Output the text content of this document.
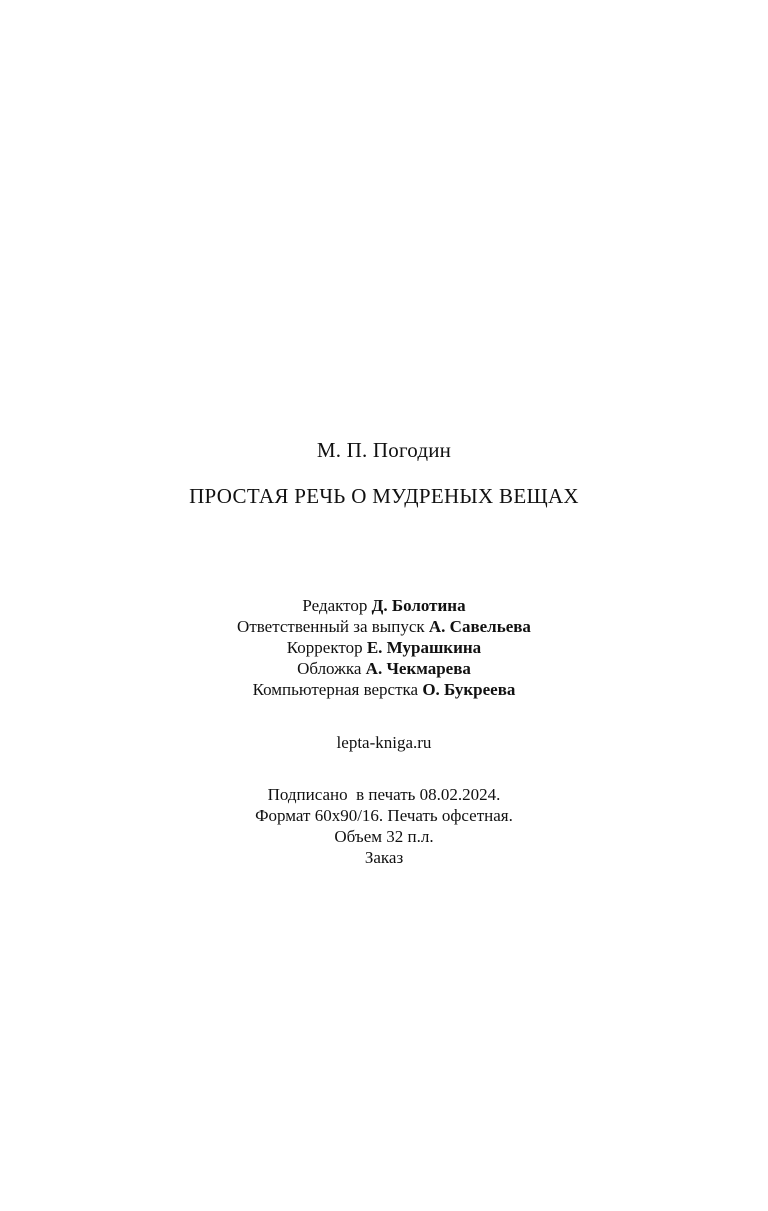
М. П. Погодин
ПРОСТАЯ РЕЧЬ О МУДРЕНЫХ ВЕЩАХ
Редактор Д. Болотина
Ответственный за выпуск А. Савельева
Корректор Е. Мурашкина
Обложка А. Чекмарева
Компьютерная верстка О. Букреева
lepta-kniga.ru
Подписано  в печать 08.02.2024.
Формат 60х90/16. Печать офсетная.
Объем 32 п.л.
Заказ
